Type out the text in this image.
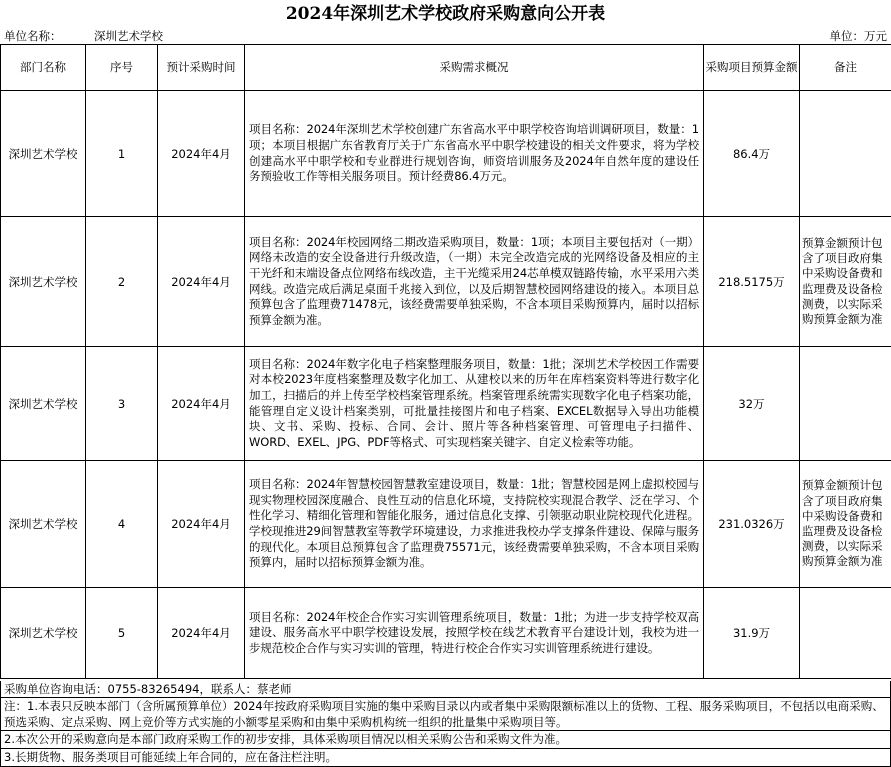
2024年深圳艺术学校政府采购意向公开表
单位名称：	深圳艺术学校	单位：万元
部门名称	序号	预计采购时间	采购需求概况	采购项目预算金额	备注
深圳艺术学校	1	2024年4月	项目名称：2024年深圳艺术学校创建广东省高水平中职学校咨询培训调研项目，数量：1项；本项目根据广东省教育厅关于广东省高水平中职学校建设的相关文件要求，将为学校创建高水平中职学校和专业群进行规划咨询，师资培训服务及2024年自然年度的建设任务预验收工作等相关服务项目。预计经费86.4万元。	86.4万	
深圳艺术学校	2	2024年4月	项目名称：2024年校园网络二期改造采购项目，数量：1项；本项目主要包括对（一期）网络未改造的安全设备进行升级改造，（一期）未完全改造完成的光网络设备及相应的主干光纤和末端设备点位网络布线改造，主干光缆采用24芯单模双链路传输，水平采用六类网线。改造完成后满足桌面千兆接入到位，以及后期智慧校园网络建设的接入。本项目总预算包含了监理费71478元，该经费需要单独采购，不含本项目采购预算内，届时以招标预算金额为准。	218.5175万	预算金额预计包含了项目政府集中采购设备费和监理费及设备检测费，以实际采购预算金额为准
深圳艺术学校	3	2024年4月	项目名称：2024年数字化电子档案整理服务项目，数量：1批；深圳艺术学校因工作需要对本校2023年度档案整理及数字化加工、从建校以来的历年在库档案资料等进行数字化加工，扫描后的并上传至学校档案管理系统。档案管理系统需实现数字化电子档案功能，能管理自定义设计档案类别，可批量挂接图片和电子档案、EXCEL数据导入导出功能模块、文书、采购、投标、合同、会计、照片等各种档案管理、可管理电子扫描件、WORD、EXEL、JPG、PDF等格式、可实现档案关键字、自定义检索等功能。	32万	
深圳艺术学校	4	2024年4月	项目名称：2024年智慧校园智慧教室建设项目，数量：1批；智慧校园是网上虚拟校园与现实物理校园深度融合、良性互动的信息化环境，支持院校实现混合教学、泛在学习、个性化学习、精细化管理和智能化服务，通过信息化支撑、引领驱动职业院校现代化进程。学校现推进29间智慧教室等教学环境建设，力求推进我校办学支撑条件建设、保障与服务的现代化。本项目总预算包含了监理费75571元，该经费需要单独采购，不含本项目采购预算内，届时以招标预算金额为准。	231.0326万	预算金额预计包含了项目政府集中采购设备费和监理费及设备检测费，以实际采购预算金额为准
深圳艺术学校	5	2024年4月	项目名称：2024年校企合作实习实训管理系统项目，数量：1批；为进一步支持学校双高建设、服务高水平中职学校建设发展，按照学校在线艺术教育平台建设计划，我校为进一步规范校企合作与实习实训的管理，特进行校企合作实习实训管理系统进行建设。	31.9万	
采购单位咨询电话：0755-83265494，联系人：蔡老师
注：1.本表只反映本部门（含所属预算单位）2024年按政府采购项目实施的集中采购目录以内或者集中采购限额标准以上的货物、工程、服务采购项目，不包括以电商采购、预选采购、定点采购、网上竞价等方式实施的小额零星采购和由集中采购机构统一组织的批量集中采购项目等。
2.本次公开的采购意向是本部门政府采购工作的初步安排，具体采购项目情况以相关采购公告和采购文件为准。
3.长期货物、服务类项目可能延续上年合同的，应在备注栏注明。
